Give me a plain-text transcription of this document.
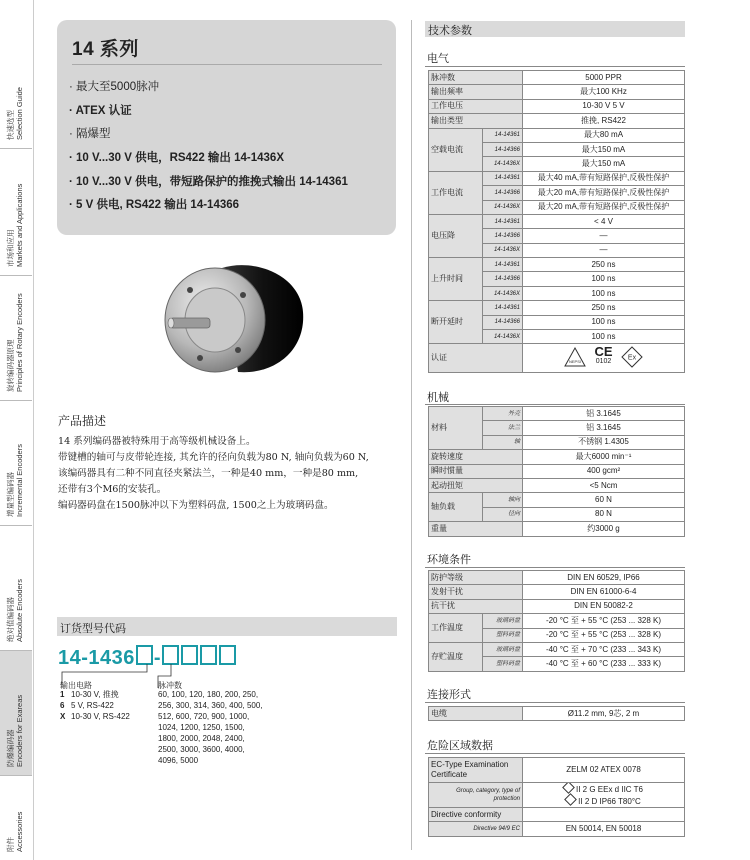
快速选型 Selection Guide
市场和应用 Markets and Applications
旋转编码器原理 Principles of Rotary Encoders
增量型编码器 Incremental Encoders
绝对值编码器 Absolute Encoders
防爆编码器 Encoders for Exareas
附件 Accessories
14 系列
· 最大至5000脉冲
· ATEX 认证
· 隔爆型
· 10 V...30 V 供电，RS422 输出 14-1436X
· 10 V...30 V 供电，带短路保护的推挽式输出 14-14361
· 5 V 供电, RS422 输出 14-14366
产品描述

14 系列编码器被特殊用于高等级机械设备上。

带键槽的轴可与皮带轮连接, 其允许的径向负载为80 N, 轴向负载为60 N,

该编码器具有二种不同直径夹紧法兰，一种是40 mm，一种是80 mm,

还带有3个M6的安装孔。

编码器码盘在1500脉冲以下为塑料码盘, 1500之上为玻璃码盘。

订货型号代码
14-1436 -
输出电路	脉冲数
1 10-30 V, 推挽
6 5 V, RS-422
X 10-30 V, RS-422
60, 100, 120, 180, 200, 250, 256, 300, 314, 360, 400, 500, 512, 600, 720, 900, 1000, 1024, 1200, 1250, 1500, 1800, 2000, 2048, 2400, 2500, 3000, 3600, 4000, 4096, 5000
技术参数
电气
脉冲数		5000 PPR
输出频率		最大100 KHz
工作电压		10-30 V 5 V
输出类型		推挽, RS422
空载电流	14-14361	最大80 mA
	14-14366	最大150 mA
	14-1436X	最大150 mA
工作电流	14-14361	最大40 mA,带有短路保护,反极性保护
	14-14366	最大20 mA,带有短路保护,反极性保护
	14-1436X	最大20 mA,带有短路保护,反极性保护
电压降	14-14361	< 4 V
	14-14366	—
	14-1436X	—
上升时间	14-14361	250 ns
	14-14366	100 ns
	14-1436X	100 ns
断开延时	14-14361	250 ns
	14-14366	100 ns
	14-1436X	100 ns
认证		NEPSI
CE
0102
Ex
机械
材料	外壳	铝 3.1645
	法兰	铝 3.1645
	轴	不锈钢 1.4305
旋转速度		最大6000 min⁻¹
瞬时惯量		400 gcm²
起动扭矩		<5 Ncm
轴负载	轴向	60 N
	径向	80 N
重量		约3000 g
环境条件
防护等级		DIN EN 60529, IP66
发射干扰		DIN EN 61000-6-4
抗干扰		DIN EN 50082-2
工作温度	玻璃码盘	-20 °C 至 + 55 °C (253 ... 328 K)
	塑料码盘	-20 °C 至 + 55 °C (253 ... 328 K)
存贮温度	玻璃码盘	-40 °C 至 + 70 °C (233 ... 343 K)
	塑料码盘	-40 °C 至 + 60 °C (233 ... 333 K)
连接形式
电缆	Ø11.2 mm, 9芯, 2 m
危险区域数据
EC-Type Examination Certificate	ZELM 02 ATEX 0078
Group, category, type of protection	II 2 G EEx d IIC T6
II 2 D IP66 T80°C

Directive conformity	
Directive 94/9 EC	EN 50014, EN 50018
